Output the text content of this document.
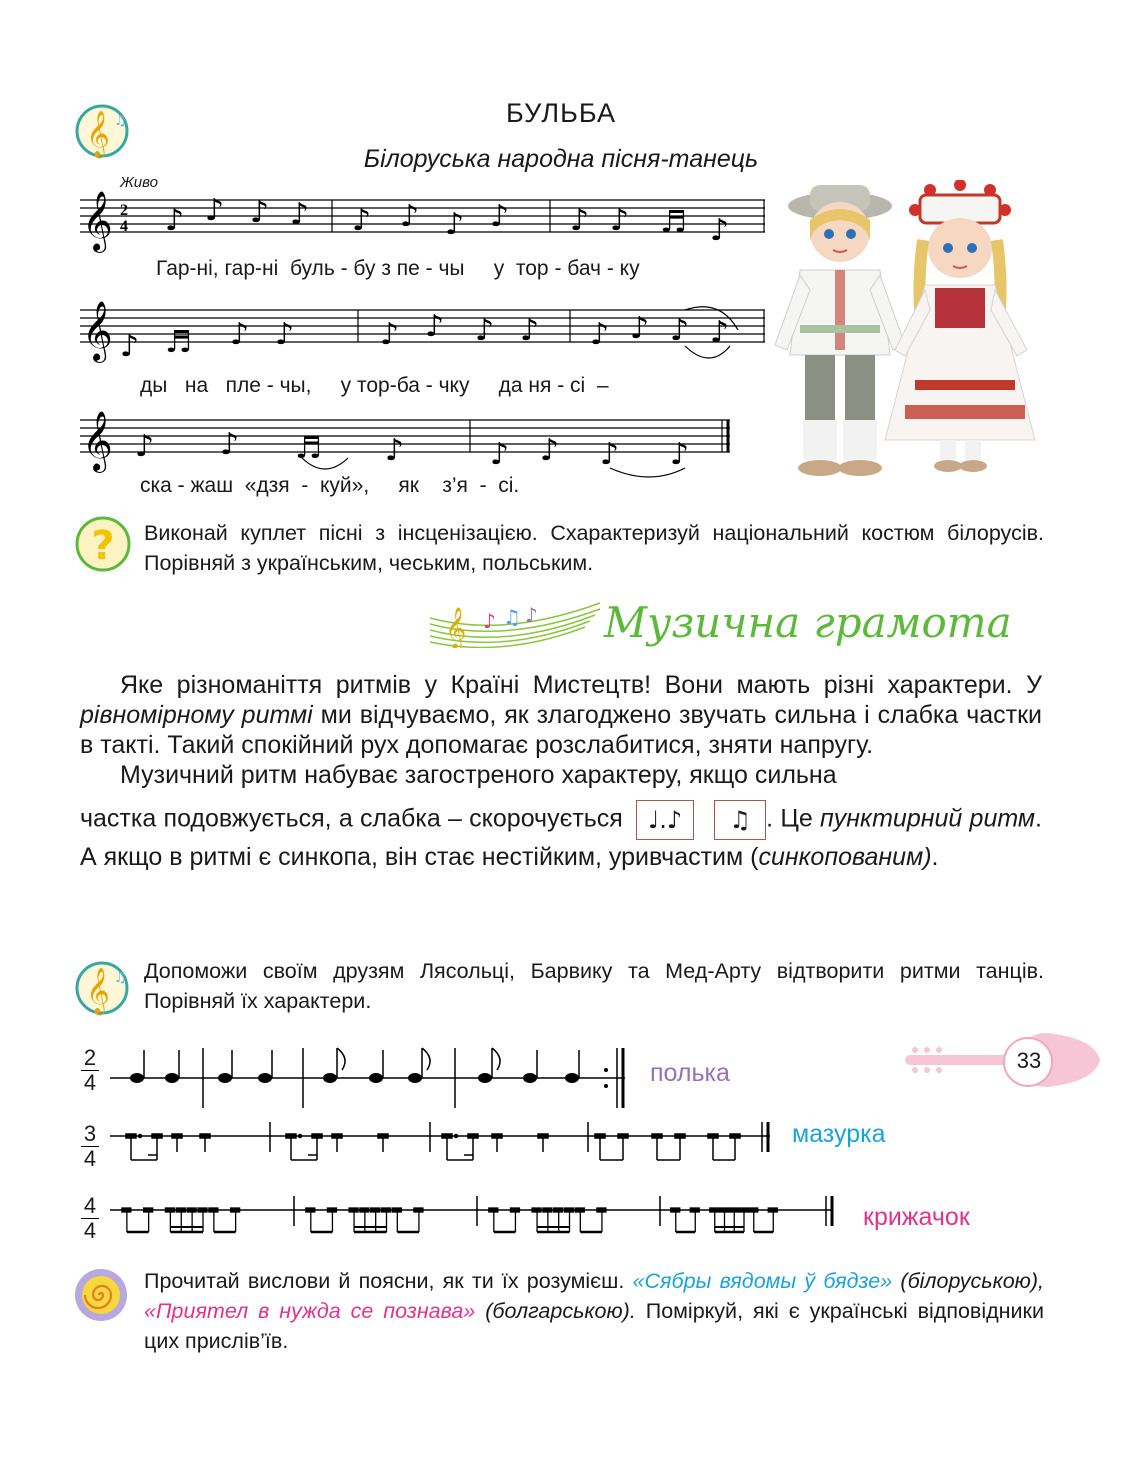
𝄞 ♫	БУЛЬБА
Білоруська народна пісня-танець
Живо
𝄞 2
4 ♪ ♪ ♪ ♪ ♪ ♪ ♪ ♪ ♪ ♪ ♬ ♪
Гар-ні, гар-ні  буль - бу з пе - чы     у  тор - бач - ку
𝄞 ♪ ♬ ♪ ♪	♪ ♪ ♪ ♪ ♪ ♪ ♪ ♪
ды   на   пле - чы,     у тор-ба - чку     да ня - сі  –
𝄞 ♪ ♪ ♬ ♪	♪ ♪ ♪ ♪
ска - жаш  «дзя  -  куй»,     як    з’я  -  сі.
? Виконай куплет пісні з інсценізацією. Схарактеризуй національний костюм білорусів. Порівняй з українським, чеським, польським.
𝄞 ♪ ♫ ♪ Музична грамота

Яке різноманіття ритмів у Країні Мистецтв! Вони мають різні характери. У рівномірному ритмі ми відчуваємо, як злагоджено звучать сильна і слабка частки в такті. Такий спокійний рух допомагає розслабитися, зняти напругу.

Музичний ритм набуває загостреного характеру, якщо сильна

частка подовжується, а слабка – скорочується ♩.♪ ♫ . Це пунктирний ритм. А якщо в ритмі є синкопа, він стає нестійким, уривчастим (синкопованим).

𝄞 ♫ Допоможи своїм друзям Лясольці, Барвику та Мед-Арту відтворити ритми танців. Порівняй їх характери.
2
4	полька
3
4
мазурка
4
4	крижачок
Прочитай вислови й поясни, як ти їх розумієш. «Сябры вядомы ў бядзе» (білоруською), «Приятел в нужда се познава» (болгарською). Поміркуй, які є українські відповідники цих прислів’їв.
33
